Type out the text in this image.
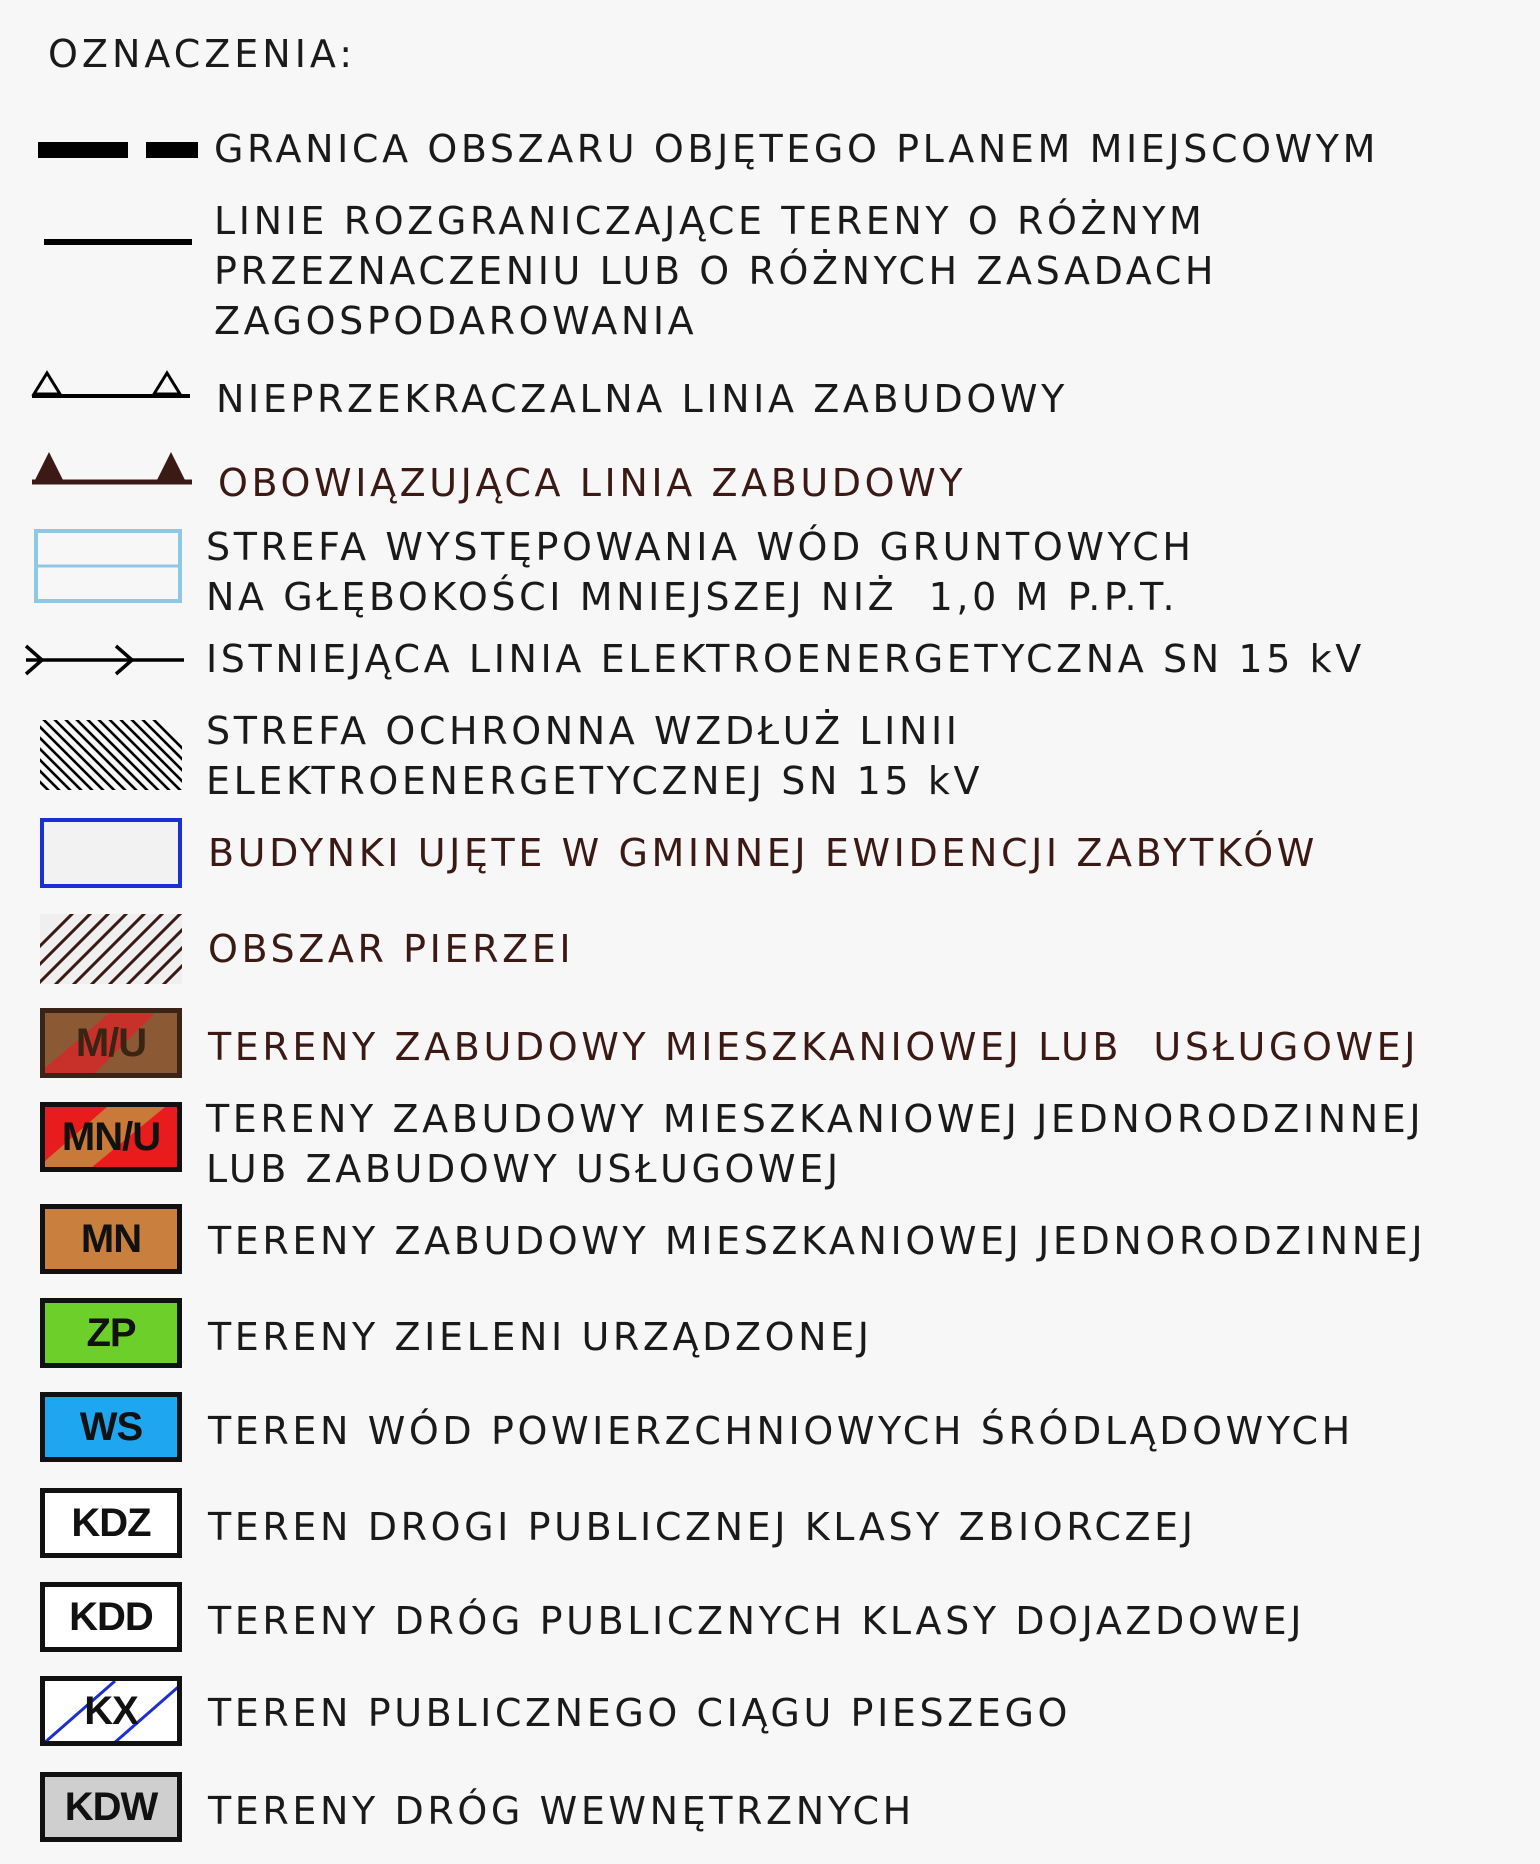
OZNACZENIA:
GRANICA OBSZARU OBJĘTEGO PLANEM MIEJSCOWYM
LINIE ROZGRANICZAJĄCE TERENY O RÓŻNYM
PRZEZNACZENIU LUB O RÓŻNYCH ZASADACH
ZAGOSPODAROWANIA
NIEPRZEKRACZALNA LINIA ZABUDOWY
OBOWIĄZUJĄCA LINIA ZABUDOWY
STREFA WYSTĘPOWANIA WÓD GRUNTOWYCH
NA GŁĘBOKOŚCI MNIEJSZEJ NIŻ  1,0 M P.P.T.
ISTNIEJĄCA LINIA ELEKTROENERGETYCZNA SN 15 kV
STREFA OCHRONNA WZDŁUŻ LINII
ELEKTROENERGETYCZNEJ SN 15 kV
BUDYNKI UJĘTE W GMINNEJ EWIDENCJI ZABYTKÓW
OBSZAR PIERZEI
M/U	TERENY ZABUDOWY MIESZKANIOWEJ LUB  USŁUGOWEJ
MN/U	TERENY ZABUDOWY MIESZKANIOWEJ JEDNORODZINNEJ
LUB ZABUDOWY USŁUGOWEJ
MN	TERENY ZABUDOWY MIESZKANIOWEJ JEDNORODZINNEJ
ZP	TERENY ZIELENI URZĄDZONEJ
WS	TEREN WÓD POWIERZCHNIOWYCH ŚRÓDLĄDOWYCH
KDZ	TEREN DROGI PUBLICZNEJ KLASY ZBIORCZEJ
KDD	TERENY DRÓG PUBLICZNYCH KLASY DOJAZDOWEJ
KX	TEREN PUBLICZNEGO CIĄGU PIESZEGO
KDW	TERENY DRÓG WEWNĘTRZNYCH
